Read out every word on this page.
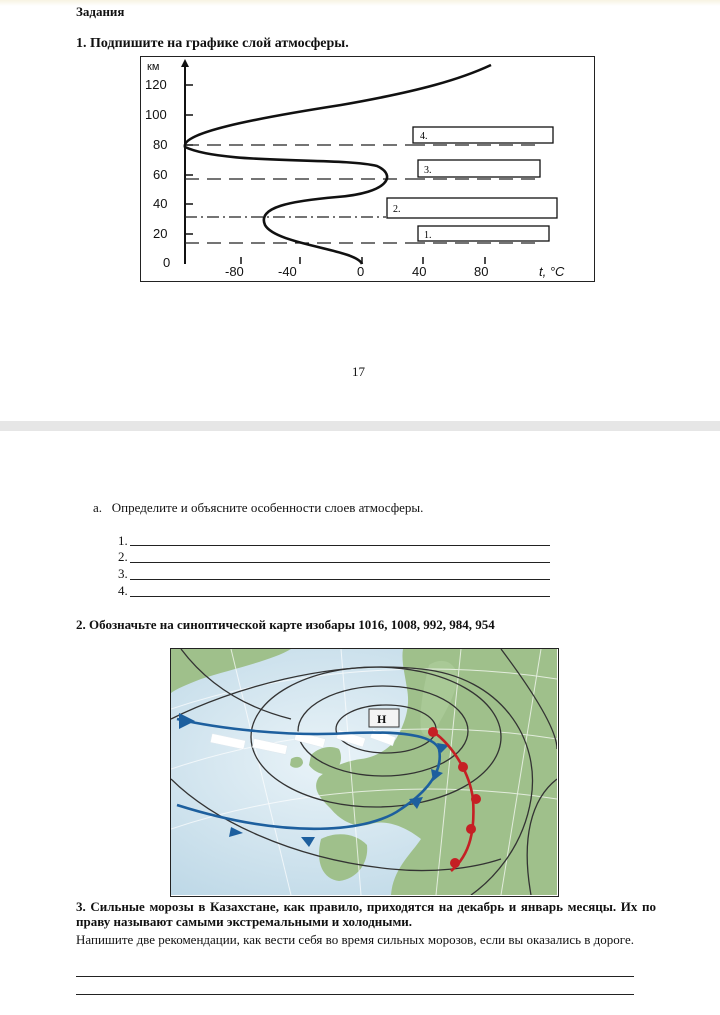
Задания
1. Подпишите на графике слой атмосферы.
км
120
100
80
60
40
20
0
-80	-40	0	40	80	t, °C
4.
3.
2.
1.
17
a.   Определите и объясните особенности слоев атмосферы.
1.
2.
3.
4.
2. Обозначьте на синоптической карте изобары 1016, 1008, 992, 984, 954
Н
3. Сильные морозы в Казахстане, как правило, приходятся на декабрь и январь месяцы. Их по праву называют самыми экстремальными и холодными.
Напишите две рекомендации, как вести себя во время сильных морозов, если вы оказались в дороге.
